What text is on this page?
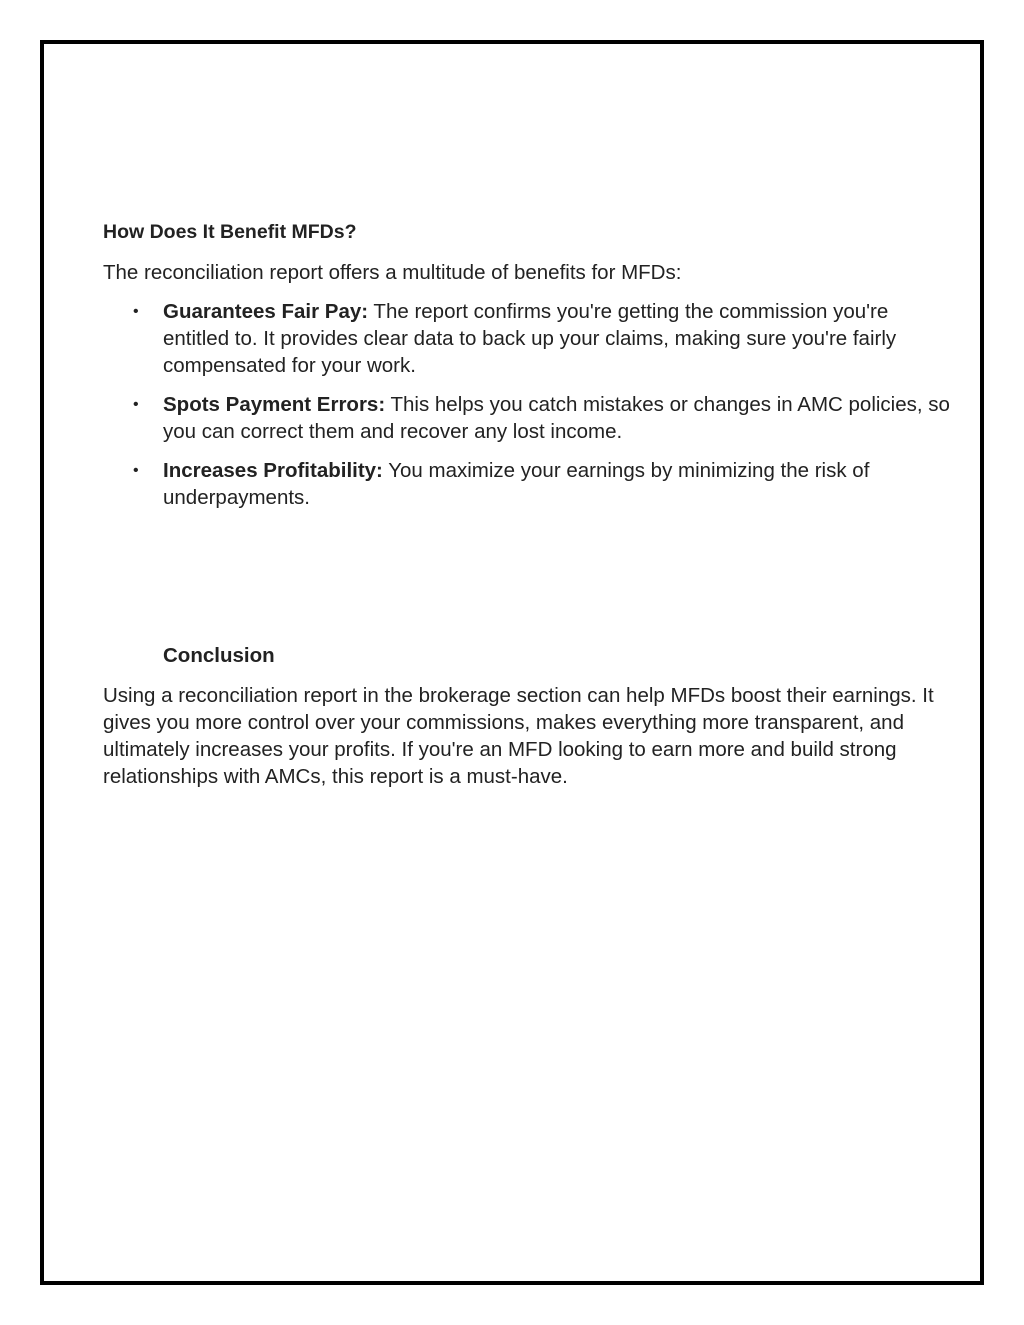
How Does It Benefit MFDs?

The reconciliation report offers a multitude of benefits for MFDs:

• Guarantees Fair Pay: The report confirms you're getting the commission you're entitled to. It provides clear data to back up your claims, making sure you're fairly compensated for your work.
• Spots Payment Errors: This helps you catch mistakes or changes in AMC policies, so you can correct them and recover any lost income.
• Increases Profitability: You maximize your earnings by minimizing the risk of underpayments.
Conclusion

Using a reconciliation report in the brokerage section can help MFDs boost their earnings. It gives you more control over your commissions, makes everything more transparent, and ultimately increases your profits. If you're an MFD looking to earn more and build strong relationships with AMCs, this report is a must-have.
